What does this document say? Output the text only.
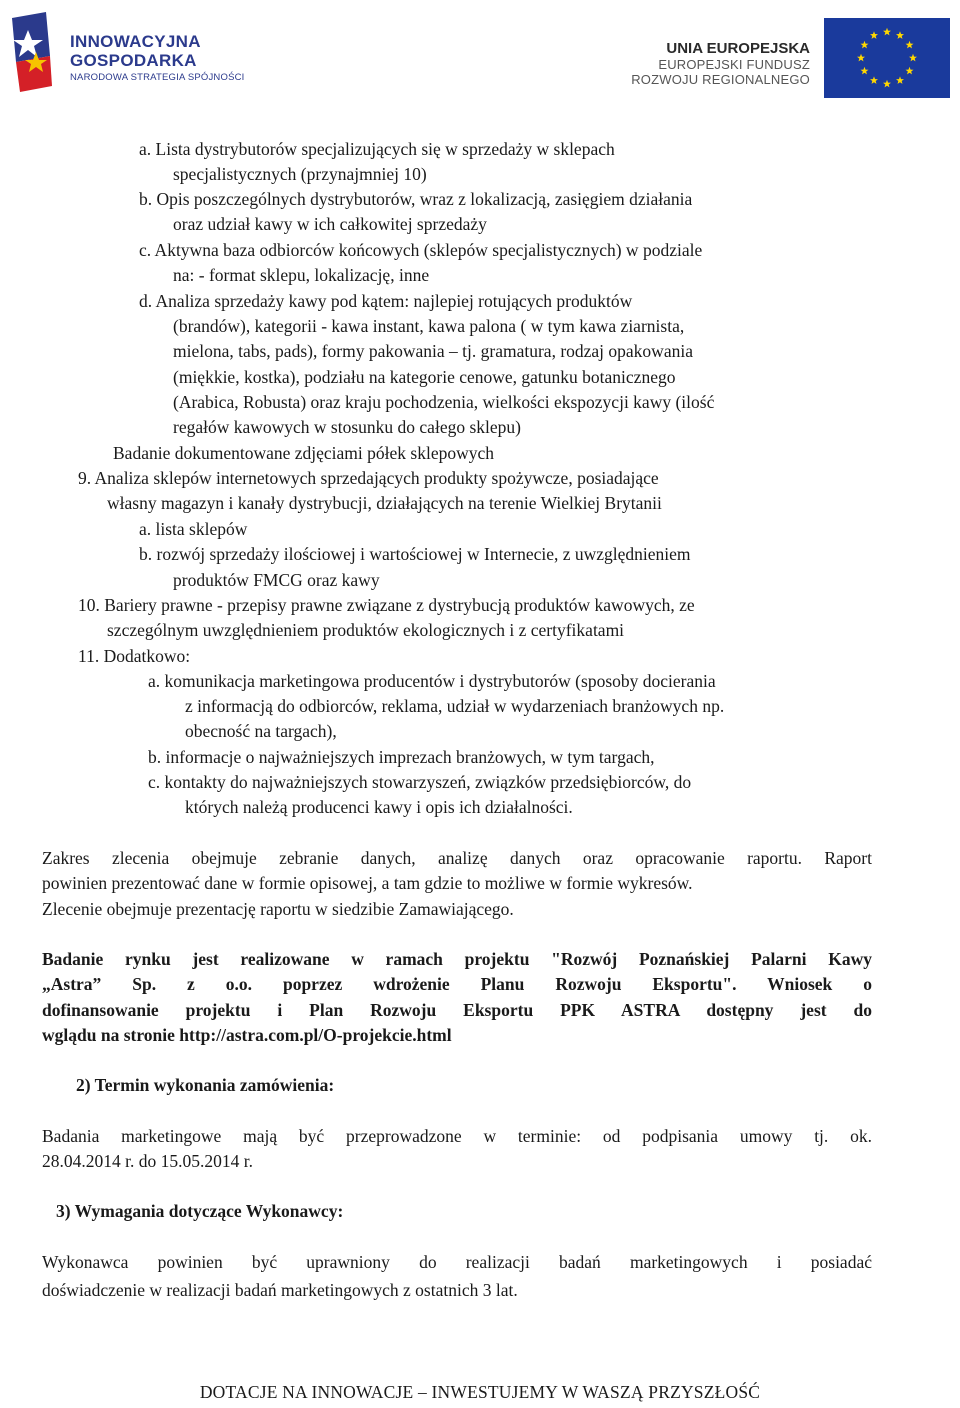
INNOWACYJNA
GOSPODARKA
NARODOWA STRATEGIA SPÓJNOŚCI
UNIA EUROPEJSKA
EUROPEJSKI FUNDUSZ
ROZWOJU REGIONALNEGO
a. Lista dystrybutorów specjalizujących się w sprzedaży w sklepach
specjalistycznych (przynajmniej 10)
b. Opis poszczególnych dystrybutorów, wraz z lokalizacją, zasięgiem działania
oraz udział kawy w ich całkowitej sprzedaży
c. Aktywna baza odbiorców końcowych (sklepów specjalistycznych) w podziale
na: - format sklepu, lokalizację, inne
d. Analiza sprzedaży kawy pod kątem: najlepiej rotujących produktów
(brandów), kategorii - kawa instant, kawa palona ( w tym kawa ziarnista,
mielona, tabs, pads), formy pakowania – tj. gramatura, rodzaj opakowania
(miękkie, kostka), podziału na kategorie cenowe, gatunku botanicznego
(Arabica, Robusta) oraz kraju pochodzenia, wielkości ekspozycji kawy (ilość
regałów kawowych w stosunku do całego sklepu)
Badanie dokumentowane zdjęciami półek sklepowych
9. Analiza sklepów internetowych sprzedających produkty spożywcze, posiadające
własny magazyn i kanały dystrybucji, działających na terenie Wielkiej Brytanii
a. lista sklepów
b. rozwój sprzedaży ilościowej i wartościowej w Internecie, z uwzględnieniem
produktów FMCG oraz kawy
10. Bariery prawne - przepisy prawne związane z dystrybucją produktów kawowych, ze
szczególnym uwzględnieniem produktów ekologicznych i z certyfikatami
11. Dodatkowo:
a. komunikacja marketingowa producentów i dystrybutorów (sposoby docierania
z informacją do odbiorców, reklama, udział w wydarzeniach branżowych np.
obecność na targach),
b. informacje o najważniejszych imprezach branżowych, w tym targach,
c. kontakty do najważniejszych stowarzyszeń, związków przedsiębiorców, do
których należą producenci kawy i opis ich działalności.
Zakres zlecenia obejmuje zebranie danych, analizę danych oraz opracowanie raportu. Raport
powinien prezentować dane w formie opisowej, a tam gdzie to możliwe w formie wykresów.
Zlecenie obejmuje prezentację raportu w siedzibie Zamawiającego.
Badanie rynku jest realizowane w ramach projektu "Rozwój Poznańskiej Palarni Kawy
„Astra” Sp. z o.o. poprzez wdrożenie Planu Rozwoju Eksportu". Wniosek o
dofinansowanie projektu i Plan Rozwoju Eksportu PPK ASTRA dostępny jest do
wglądu na stronie http://astra.com.pl/O-projekcie.html
2) Termin wykonania zamówienia:
Badania marketingowe mają być przeprowadzone w terminie: od podpisania umowy tj. ok.
28.04.2014 r. do 15.05.2014 r.
3) Wymagania dotyczące Wykonawcy:
Wykonawca powinien być uprawniony do realizacji badań marketingowych i posiadać
doświadczenie w realizacji badań marketingowych z ostatnich 3 lat.
DOTACJE NA INNOWACJE – INWESTUJEMY W WASZĄ PRZYSZŁOŚĆ
